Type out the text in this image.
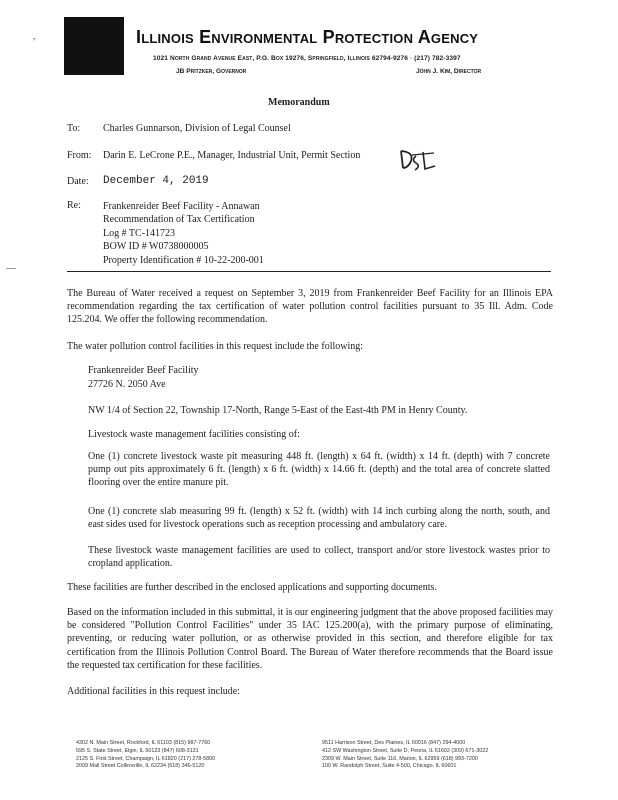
,	Illinois Environmental Protection Agency
1021 North Grand Avenue East, P.O. Box 19276, Springfield, Illinois 62794-9276 · (217) 782-3397
JB Pritzker, Governor	John J. Kim, Director
Memorandum
To: Charles Gunnarson, Division of Legal Counsel
From: Darin E. LeCrone P.E., Manager, Industrial Unit, Permit Section
Date: December 4, 2019
Re: Frankenreider Beef Facility - Annawan
Recommendation of Tax Certification
Log # TC-141723
BOW ID # W0738000005
Property Identification # 10-22-200-001
The Bureau of Water received a request on September 3, 2019 from Frankenreider Beef Facility for an Illinois EPA recommendation regarding the tax certification of water pollution control facilities pursuant to 35 Ill. Adm. Code 125.204. We offer the following recommendation.
The water pollution control facilities in this request include the following:
Frankenreider Beef Facility
27726 N. 2050 Ave
NW 1/4 of Section 22, Township 17-North, Range 5-East of the East-4th PM in Henry County.
Livestock waste management facilities consisting of:
One (1) concrete livestock waste pit measuring 448 ft. (length) x 64 ft. (width) x 14 ft. (depth) with 7 concrete pump out pits approximately 6 ft. (length) x 6 ft. (width) x 14.66 ft. (depth) and the total area of concrete slatted flooring over the entire manure pit.
One (1) concrete slab measuring 99 ft. (length) x 52 ft. (width) with 14 inch curbing along the north, south, and east sides used for livestock operations such as reception processing and ambulatory care.
These livestock waste management facilities are used to collect, transport and/or store livestock wastes prior to cropland application.
These facilities are further described in the enclosed applications and supporting documents.
Based on the information included in this submittal, it is our engineering judgment that the above proposed facilities may be considered "Pollution Control Facilities" under 35 IAC 125.200(a), with the primary purpose of eliminating, preventing, or reducing water pollution, or as otherwise provided in this section, and therefore eligible for tax certification from the Illinois Pollution Control Board. The Bureau of Water therefore recommends that the Board issue the requested tax certification for these facilities.
Additional facilities in this request include:
4302 N. Main Street, Rockford, IL 61103 (815) 987-7760
595 S. State Street, Elgin, IL 60123 (847) 608-3131
2125 S. First Street, Champaign, IL 61820 (217) 278-5800
2009 Mall Street Collinsville, IL 62234 (618) 346-5120
9511 Harrison Street, Des Plaines, IL 60016 (847) 294-4000
412 SW Washington Street, Suite D, Peoria, IL 61602 (309) 671-3022
2309 W. Main Street, Suite 116, Marion, IL 62959 (618) 993-7200
100 W. Randolph Street, Suite 4-500, Chicago, IL 60601
